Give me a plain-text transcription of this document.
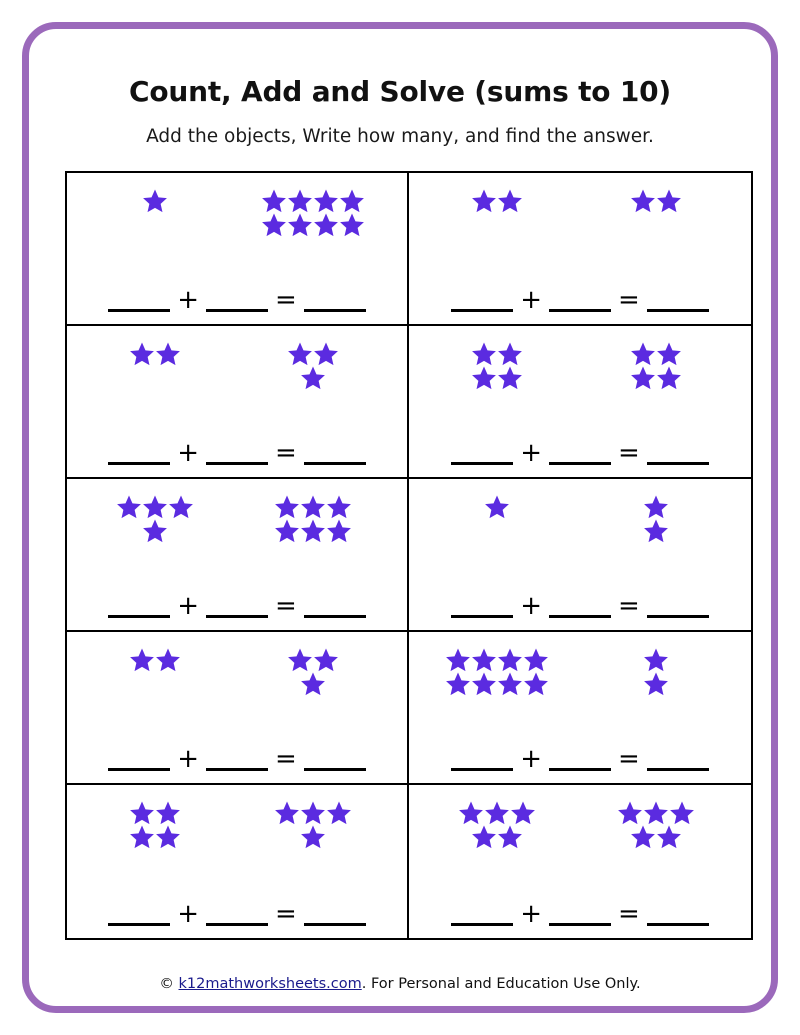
Count, Add and Solve (sums to 10)

Add the objects, Write how many, and find the answer.

+	=	+	=
+	=	+	=
+	=	+	=
+	=	+	=
+	=	+	=
© k12mathworksheets.com. For Personal and Education Use Only.
